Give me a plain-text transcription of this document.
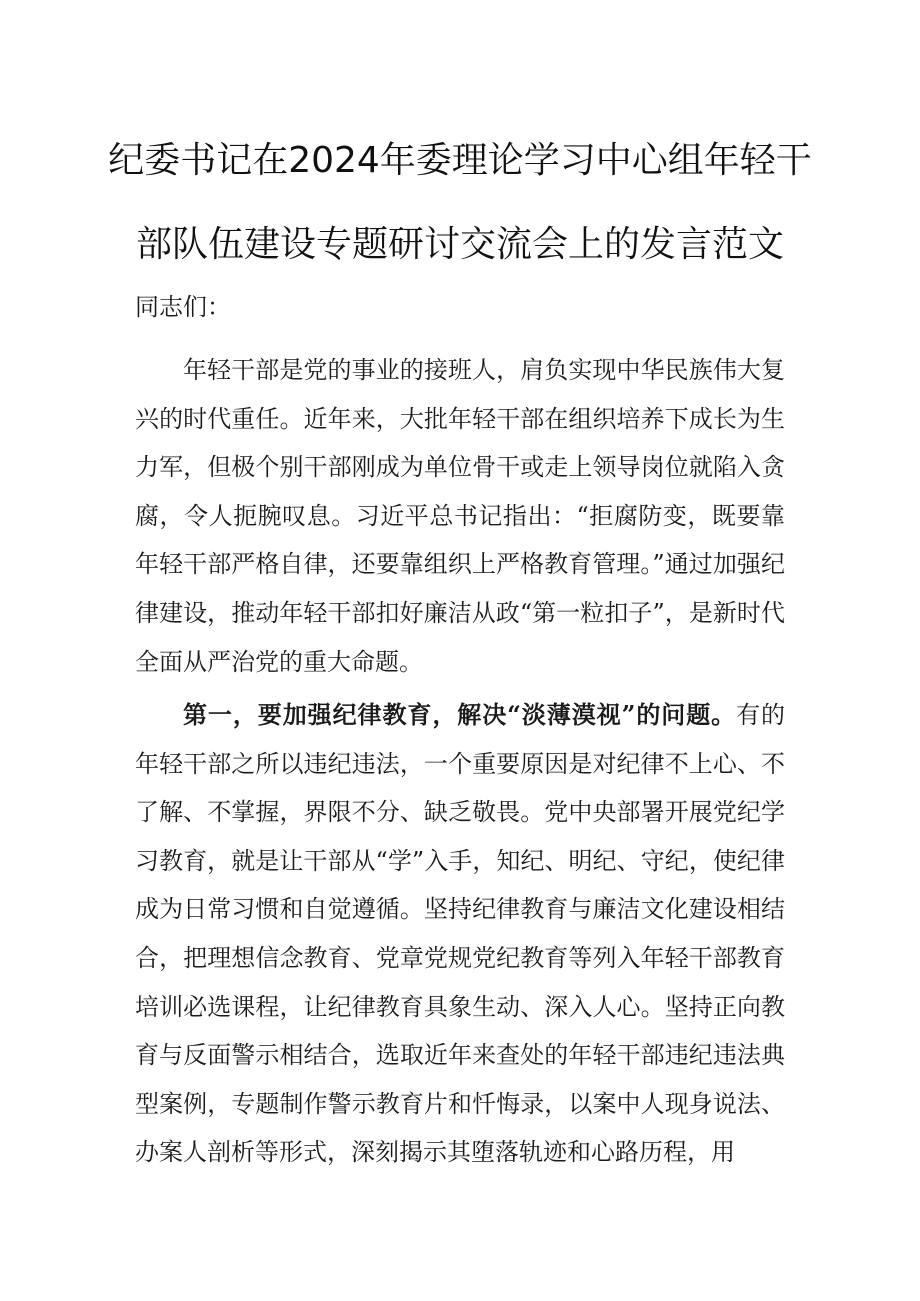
纪委书记在2024年委理论学习中心组年轻干
部队伍建设专题研讨交流会上的发言范文

同志们：

年轻干部是党的事业的接班人，肩负实现中华民族伟大复兴的时代重任。近年来，大批年轻干部在组织培养下成长为生力军，但极个别干部刚成为单位骨干或走上领导岗位就陷入贪腐，令人扼腕叹息。习近平总书记指出：“拒腐防变，既要靠年轻干部严格自律，还要靠组织上严格教育管理。”通过加强纪律建设，推动年轻干部扣好廉洁从政“第一粒扣子”，是新时代全面从严治党的重大命题。

第一，要加强纪律教育，解决“淡薄漠视”的问题。有的年轻干部之所以违纪违法，一个重要原因是对纪律不上心、不了解、不掌握，界限不分、缺乏敬畏。党中央部署开展党纪学习教育，就是让干部从“学”入手，知纪、明纪、守纪，使纪律成为日常习惯和自觉遵循。坚持纪律教育与廉洁文化建设相结合，把理想信念教育、党章党规党纪教育等列入年轻干部教育培训必选课程，让纪律教育具象生动、深入人心。坚持正向教育与反面警示相结合，选取近年来查处的年轻干部违纪违法典型案例，专题制作警示教育片和忏悔录，以案中人现身说法、办案人剖析等形式，深刻揭示其堕落轨迹和心路历程，用
